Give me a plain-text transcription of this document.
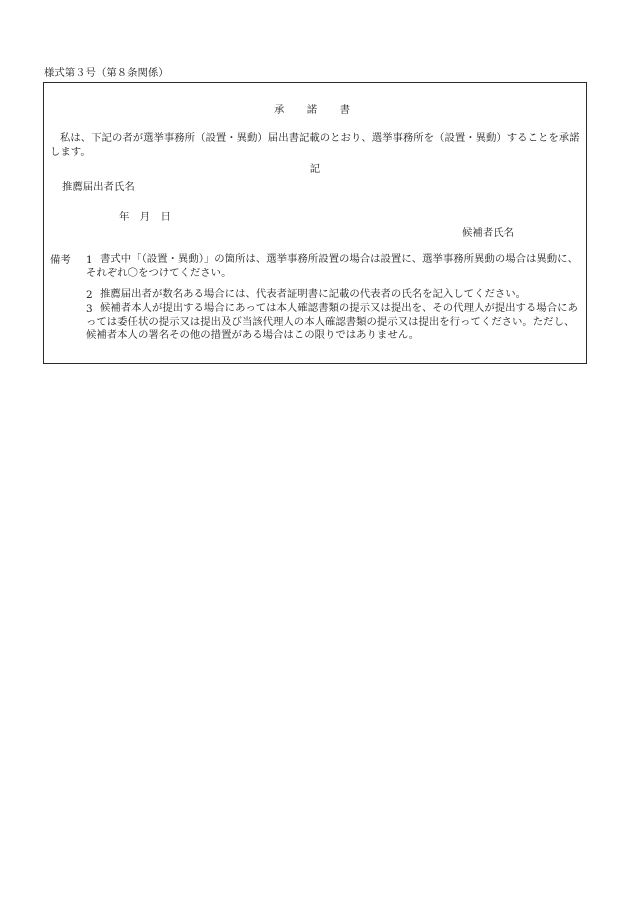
様式第３号（第８条関係）
承　諾　書
私は、下記の者が選挙事務所（設置・異動）届出書記載のとおり、選挙事務所を（設置・異動）することを承諾します。
記
推薦届出者氏名
年　月　日
候補者氏名
備考 1 書式中「（設置・異動）」の箇所は、選挙事務所設置の場合は設置に、選挙事務所異動の場合は異動に、それぞれ〇をつけてください。
2 推薦届出者が数名ある場合には、代表者証明書に記載の代表者の氏名を記入してください。
3 候補者本人が提出する場合にあっては本人確認書類の提示又は提出を、その代理人が提出する場合にあっては委任状の提示又は提出及び当該代理人の本人確認書類の提示又は提出を行ってください。ただし、候補者本人の署名その他の措置がある場合はこの限りではありません。
